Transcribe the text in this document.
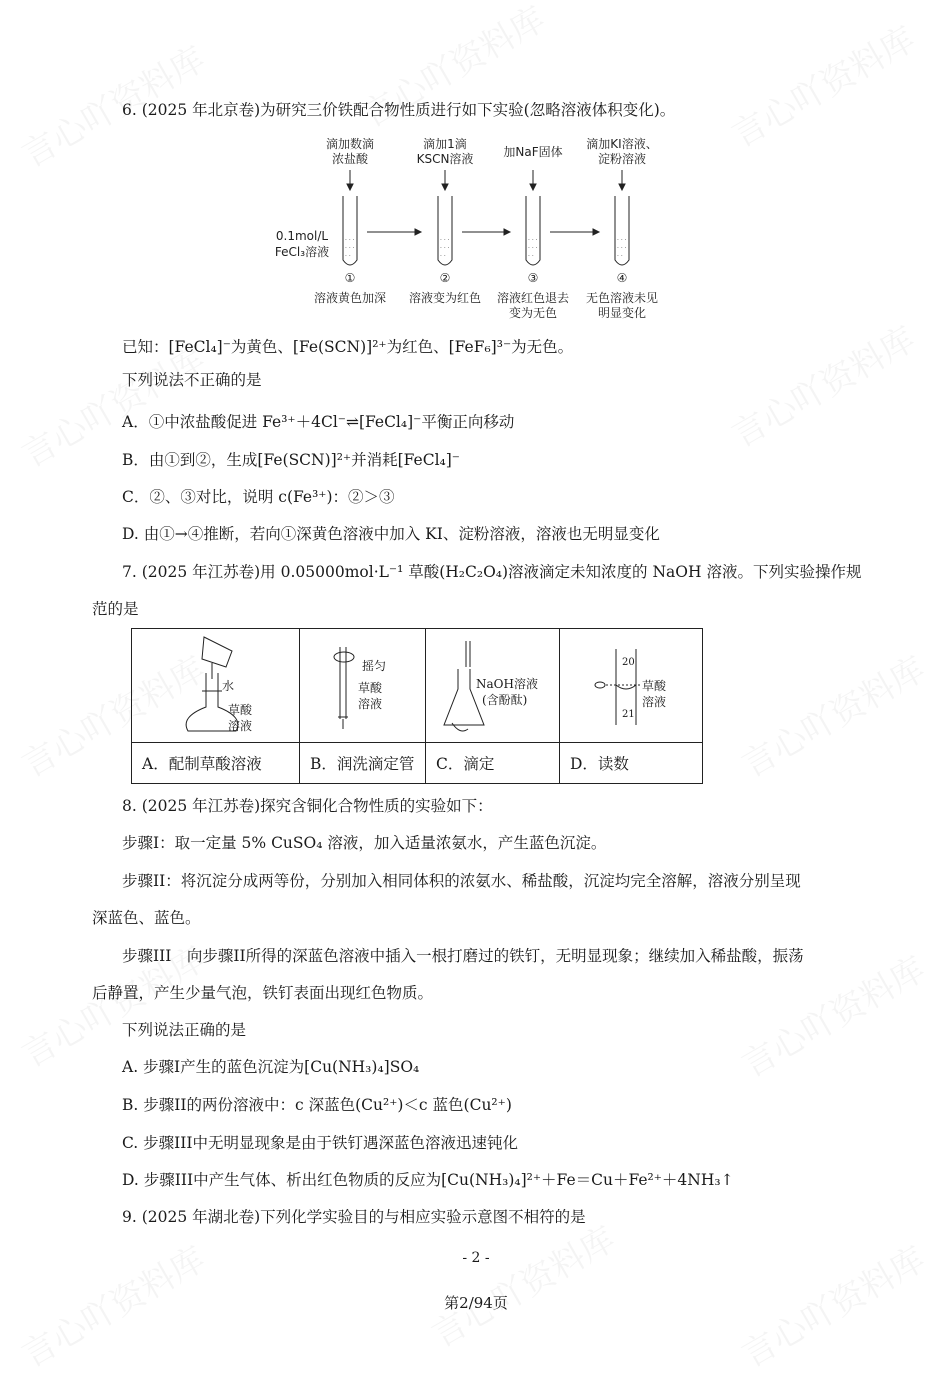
6. (2025 年北京卷)为研究三价铁配合物性质进行如下实验(忽略溶液体积变化)。
滴加数滴
浓盐酸
滴加1滴
KSCN溶液 加NaF固体
滴加KI溶液、
淀粉溶液
0.1mol/L
FeCl₃溶液
①	②	③	④
溶液黄色加深 溶液变为红色 溶液红色退去
变为无色
无色溶液未见
明显变化
· · ·
· · ·
· ·
· · ·
· · ·
· ·
· · ·
· · ·
· ·
· · ·
· · ·
· ·
已知：[FeCl₄]⁻为黄色、[Fe(SCN)]²⁺为红色、[FeF₆]³⁻为无色。
下列说法不正确的是
A．①中浓盐酸促进 Fe³⁺＋4Cl⁻⇌[FeCl₄]⁻平衡正向移动
B．由①到②，生成[Fe(SCN)]²⁺并消耗[FeCl₄]⁻
C．②、③对比，说明 c(Fe³⁺)：②＞③
D. 由①→④推断，若向①深黄色溶液中加入 KI、淀粉溶液，溶液也无明显变化
7. (2025 年江苏卷)用 0.05000mol·L⁻¹ 草酸(H₂C₂O₄)溶液滴定未知浓度的 NaOH 溶液。下列实验操作规
范的是
水
草酸
溶液
摇匀
草酸
溶液
NaOH溶液
(含酚酞)
20
草酸
溶液
21
A．配制草酸溶液	B．润洗滴定管	C．滴定	D．读数
8. (2025 年江苏卷)探究含铜化合物性质的实验如下：
步骤I：取一定量 5% CuSO₄ 溶液，加入适量浓氨水，产生蓝色沉淀。
步骤II：将沉淀分成两等份，分别加入相同体积的浓氨水、稀盐酸，沉淀均完全溶解，溶液分别呈现
深蓝色、蓝色。
步骤III　向步骤II所得的深蓝色溶液中插入一根打磨过的铁钉，无明显现象；继续加入稀盐酸，振荡
后静置，产生少量气泡，铁钉表面出现红色物质。
下列说法正确的是
A. 步骤I产生的蓝色沉淀为[Cu(NH₃)₄]SO₄
B. 步骤II的两份溶液中：c 深蓝色(Cu²⁺)＜c 蓝色(Cu²⁺)
C. 步骤III中无明显现象是由于铁钉遇深蓝色溶液迅速钝化
D. 步骤III中产生气体、析出红色物质的反应为[Cu(NH₃)₄]²⁺＋Fe＝Cu＋Fe²⁺＋4NH₃↑
9. (2025 年湖北卷)下列化学实验目的与相应实验示意图不相符的是
- 2 -
第2/94页
